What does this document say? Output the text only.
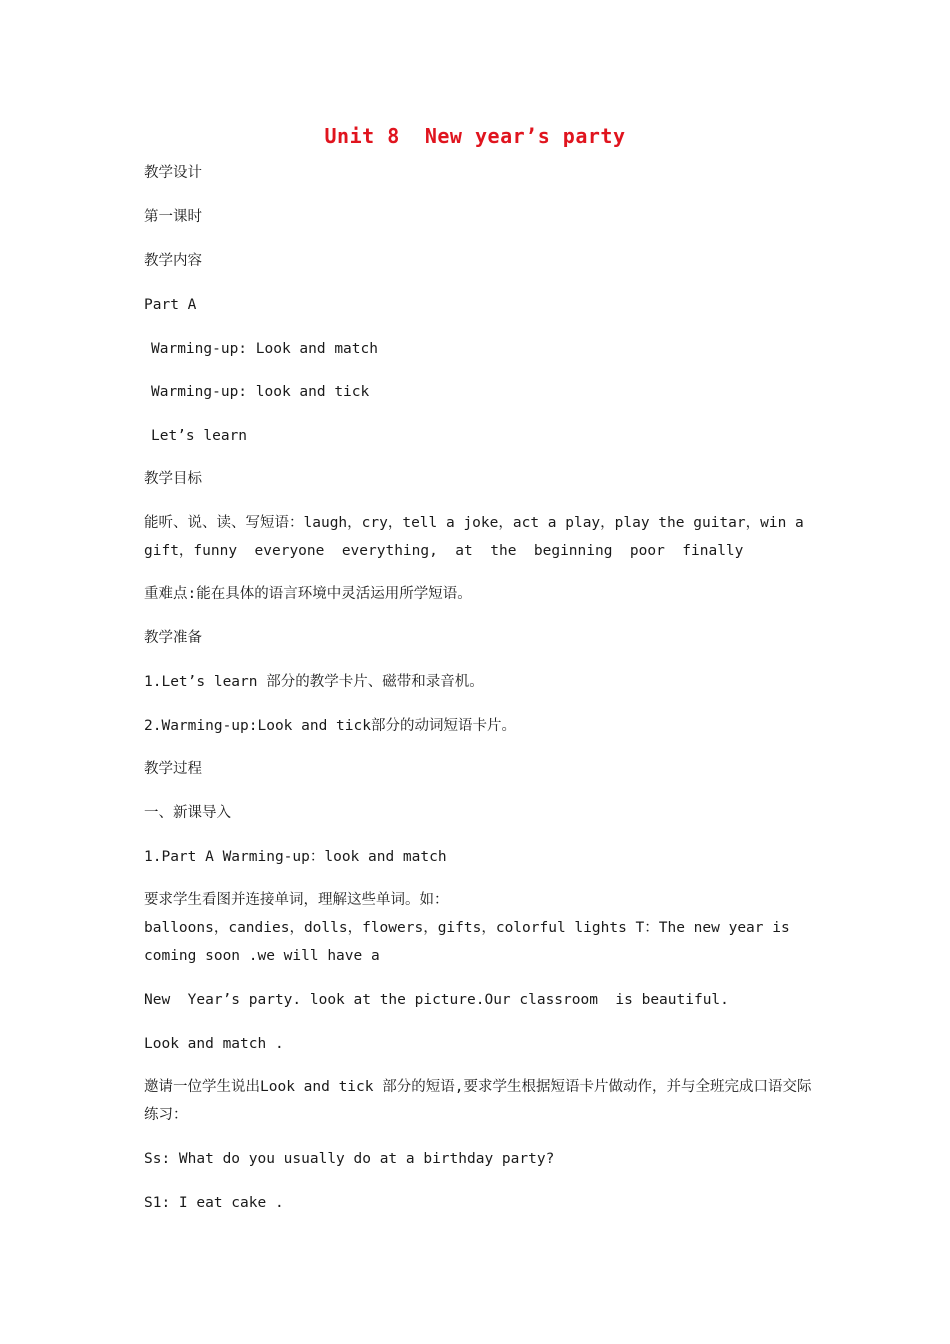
Unit 8  New year’s party
教学设计
第一课时
教学内容
Part A
Warming-up: Look and match
Warming-up: look and tick
Let’s learn
教学目标
能听、说、读、写短语：laugh，cry，tell a joke，act a play，play the guitar，win a gift，funny  everyone  everything,  at  the  beginning  poor  finally
重难点:能在具体的语言环境中灵活运用所学短语。
教学准备
1.Let’s learn 部分的教学卡片、磁带和录音机。
2.Warming-up:Look and tick部分的动词短语卡片。
教学过程
一、新课导入
1.Part A Warming-up：look and match
要求学生看图并连接单词，理解这些单词。如：
balloons，candies，dolls，flowers，gifts，colorful lights T：The new year is coming soon .we will have a
New  Year’s party. look at the picture.Our classroom  is beautiful.
Look and match .
邀请一位学生说出Look and tick 部分的短语,要求学生根据短语卡片做动作，并与全班完成口语交际练习：
Ss: What do you usually do at a birthday party?
S1: I eat cake .
